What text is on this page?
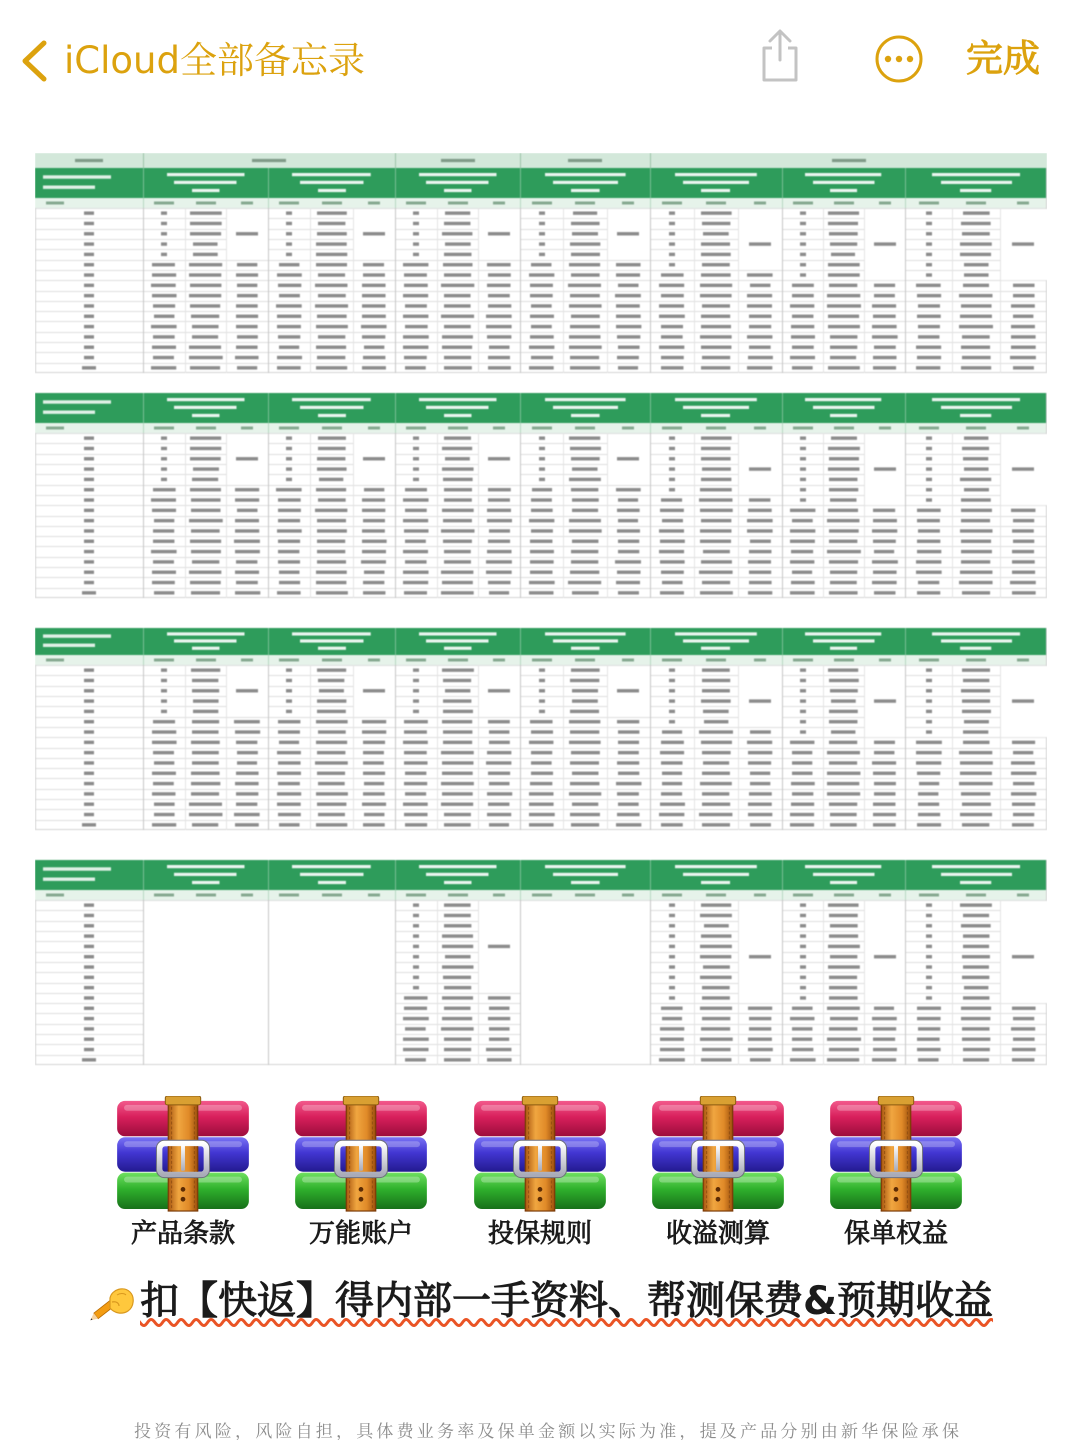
iCloud全部备忘录	完成
产品条款	万能账户	投保规则	收溢测算	保单权益
扣【快返】得内部一手资料、帮测保费&预期收益
投资有风险，风险自担，具体费业务率及保单金额以实际为准，提及产品分别由新华保险承保
